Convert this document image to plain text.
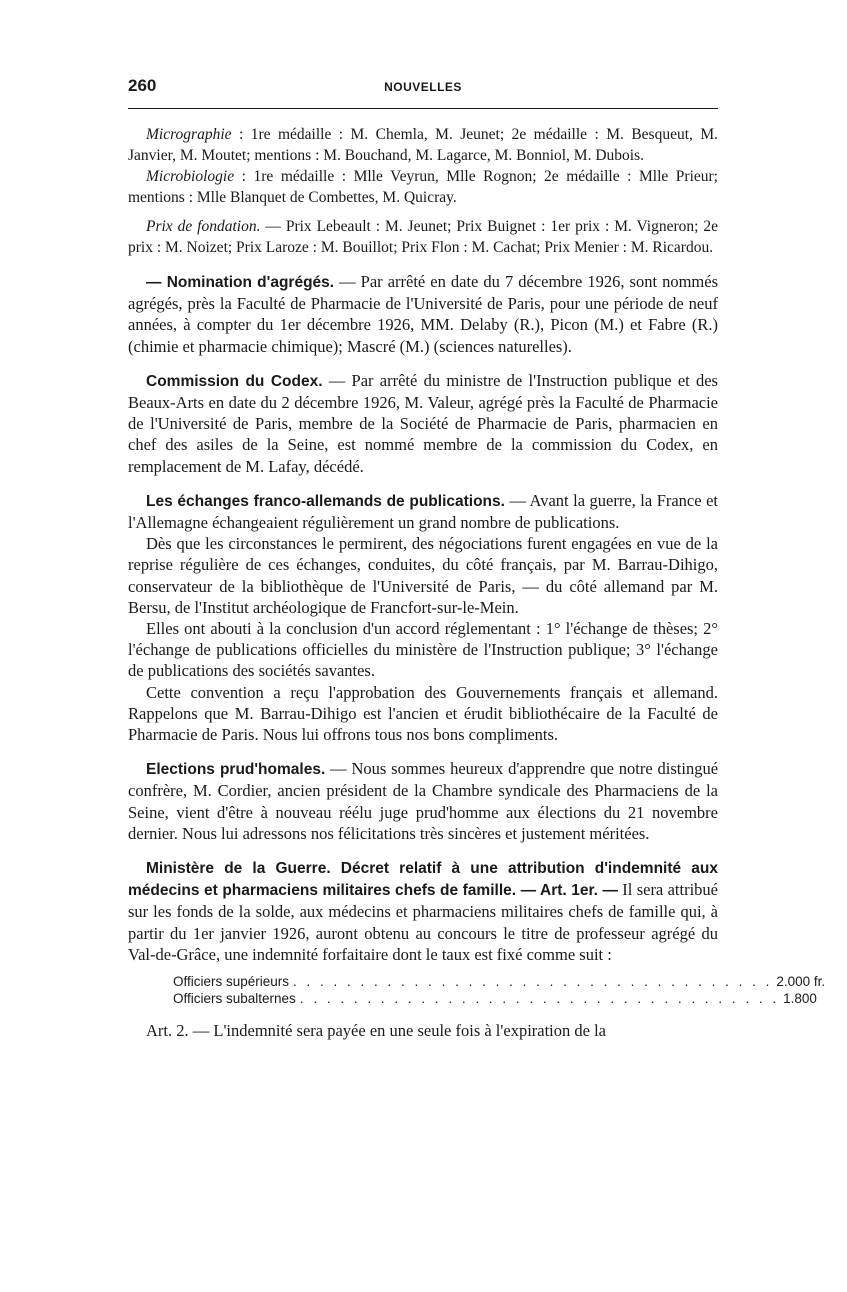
260	NOUVELLES

Micrographie : 1re médaille : M. Chemla, M. Jeunet; 2e médaille : M. Besqueut, M. Janvier, M. Moutet; mentions : M. Bouchand, M. Lagarce, M. Bonniol, M. Dubois.

Microbiologie : 1re médaille : Mlle Veyrun, Mlle Rognon; 2e médaille : Mlle Prieur; mentions : Mlle Blanquet de Combettes, M. Quicray.

Prix de fondation. — Prix Lebeault : M. Jeunet; Prix Buignet : 1er prix : M. Vigneron; 2e prix : M. Noizet; Prix Laroze : M. Bouillot; Prix Flon : M. Cachat; Prix Menier : M. Ricardou.

— Nomination d'agrégés. — Par arrêté en date du 7 décembre 1926, sont nommés agrégés, près la Faculté de Pharmacie de l'Université de Paris, pour une période de neuf années, à compter du 1er décembre 1926, MM. Delaby (R.), Picon (M.) et Fabre (R.) (chimie et pharmacie chimique); Mascré (M.) (sciences naturelles).

Commission du Codex. — Par arrêté du ministre de l'Instruction publique et des Beaux-Arts en date du 2 décembre 1926, M. Valeur, agrégé près la Faculté de Pharmacie de l'Université de Paris, membre de la Société de Pharmacie de Paris, pharmacien en chef des asiles de la Seine, est nommé membre de la commission du Codex, en remplacement de M. Lafay, décédé.

Les échanges franco-allemands de publications. — Avant la guerre, la France et l'Allemagne échangeaient régulièrement un grand nombre de publications.

Dès que les circonstances le permirent, des négociations furent engagées en vue de la reprise régulière de ces échanges, conduites, du côté français, par M. Barrau-Dihigo, conservateur de la bibliothèque de l'Université de Paris, — du côté allemand par M. Bersu, de l'Institut archéologique de Francfort-sur-le-Mein.

Elles ont abouti à la conclusion d'un accord réglementant : 1° l'échange de thèses; 2° l'échange de publications officielles du ministère de l'Instruction publique; 3° l'échange de publications des sociétés savantes.

Cette convention a reçu l'approbation des Gouvernements français et allemand. Rappelons que M. Barrau-Dihigo est l'ancien et érudit bibliothécaire de la Faculté de Pharmacie de Paris. Nous lui offrons tous nos bons compliments.

Elections prud'homales. — Nous sommes heureux d'apprendre que notre distingué confrère, M. Cordier, ancien président de la Chambre syndicale des Pharmaciens de la Seine, vient d'être à nouveau réélu juge prud'homme aux élections du 21 novembre dernier. Nous lui adressons nos félicitations très sincères et justement méritées.

Ministère de la Guerre. Décret relatif à une attribution d'indemnité aux médecins et pharmaciens militaires chefs de famille. — Art. 1er. — Il sera attribué sur les fonds de la solde, aux médecins et pharmaciens militaires chefs de famille qui, à partir du 1er janvier 1926, auront obtenu au concours le titre de professeur agrégé du Val-de-Grâce, une indemnité forfaitaire dont le taux est fixé comme suit :

Officiers supérieurs . . . . . . . . . . . . . . . . . . . . . . . . . . . . . . . . . . . . 2.000 fr.
Officiers subalternes . . . . . . . . . . . . . . . . . . . . . . . . . . . . . . . . . . . . 1.800

Art. 2. — L'indemnité sera payée en une seule fois à l'expiration de la
